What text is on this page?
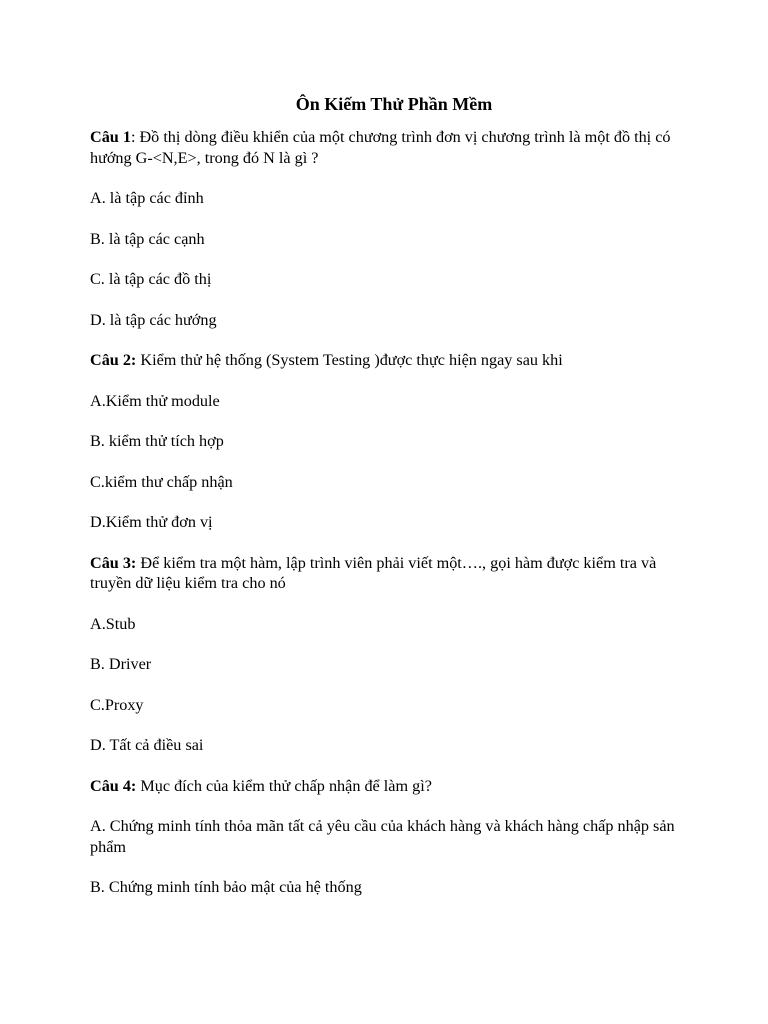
Ôn Kiếm Thử Phần Mềm

Câu 1: Đồ thị dòng điều khiển của một chương trình đơn vị chương trình là một đồ thị có hướng G-<N,E>, trong đó N là gì ?

A. là tập các đỉnh

B. là tập các cạnh

C. là tập các đồ thị

D. là tập các hướng

Câu 2: Kiểm thử hệ thống (System Testing )được thực hiện ngay sau khi

A.Kiểm thử module

B. kiểm thử tích hợp

C.kiểm thư chấp nhận

D.Kiểm thử đơn vị

Câu 3: Để kiểm tra một hàm, lập trình viên phải viết một…., gọi hàm được kiểm tra và truyền dữ liệu kiểm tra cho nó

A.Stub

B. Driver

C.Proxy

D. Tất cả điều sai

Câu 4: Mục đích của kiểm thử chấp nhận để làm gì?

A. Chứng minh tính thỏa mãn tất cả yêu cầu của khách hàng và khách hàng chấp nhập sản phẩm

B. Chứng minh tính bảo mật của hệ thống
